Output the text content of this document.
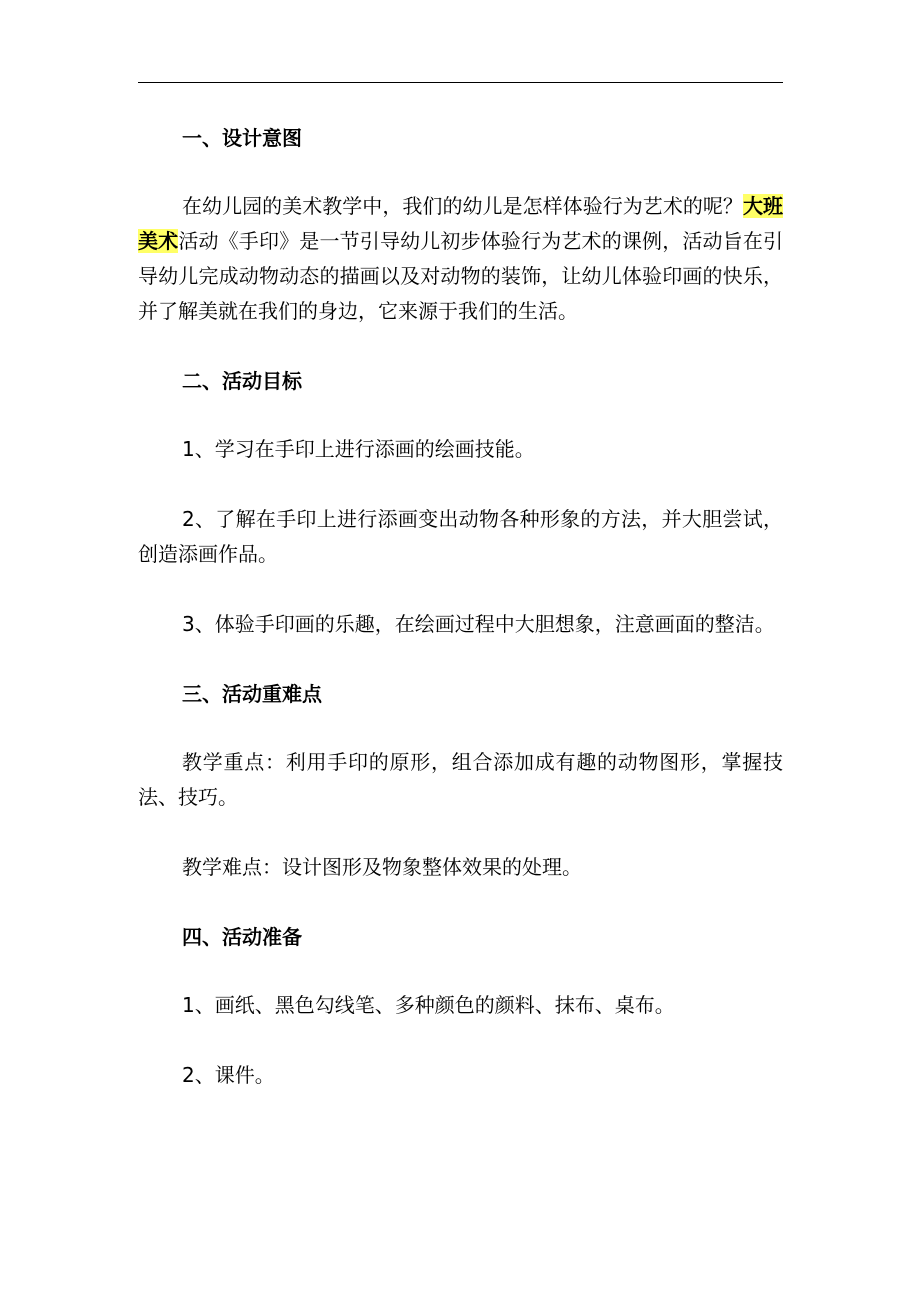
一、设计意图

在幼儿园的美术教学中，我们的幼儿是怎样体验行为艺术的呢？大班美术活动《手印》是一节引导幼儿初步体验行为艺术的课例，活动旨在引导幼儿完成动物动态的描画以及对动物的装饰，让幼儿体验印画的快乐，并了解美就在我们的身边，它来源于我们的生活。

二、活动目标

1、学习在手印上进行添画的绘画技能。

2、了解在手印上进行添画变出动物各种形象的方法，并大胆尝试，创造添画作品。

3、体验手印画的乐趣，在绘画过程中大胆想象，注意画面的整洁。

三、活动重难点

教学重点：利用手印的原形，组合添加成有趣的动物图形，掌握技法、技巧。

教学难点：设计图形及物象整体效果的处理。

四、活动准备

1、画纸、黑色勾线笔、多种颜色的颜料、抹布、桌布。

2、课件。
